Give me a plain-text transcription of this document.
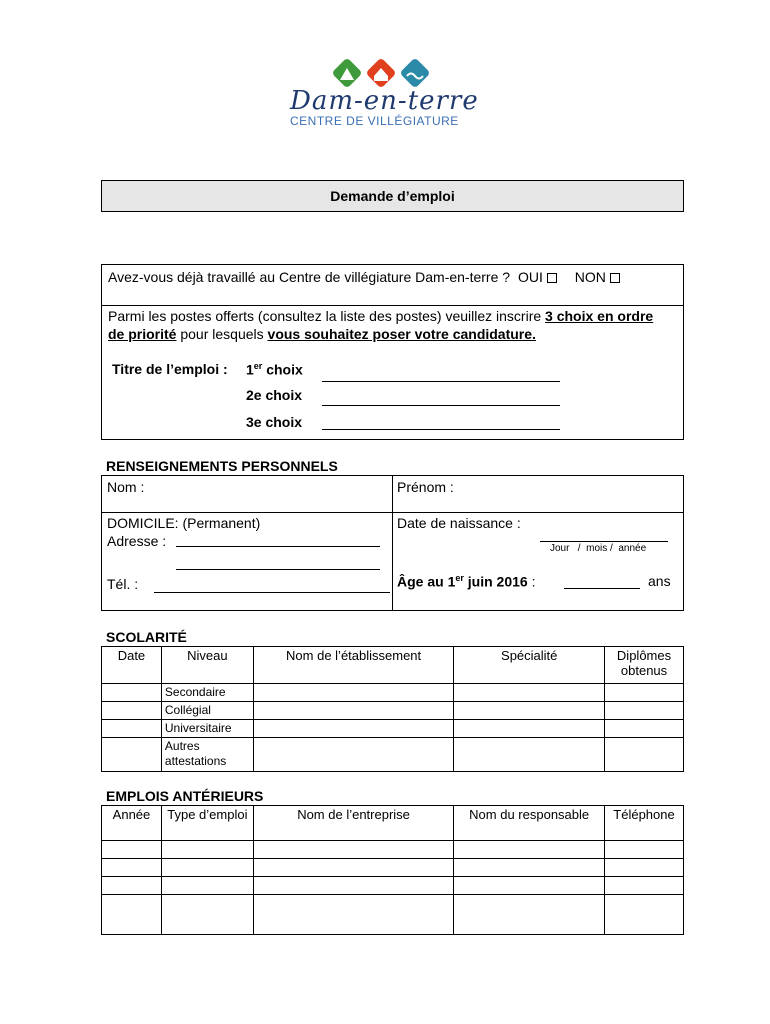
Dam-en-terre
CENTRE DE VILLÉGIATURE
Demande d’emploi
Avez-vous déjà travaillé au Centre de villégiature Dam-en-terre ? OUI NON
Parmi les postes offerts (consultez la liste des postes) veuillez inscrire 3 choix en ordre de priorité pour lesquels vous souhaitez poser votre candidature.
Titre de l’emploi : 1er choix
2e choix
3e choix
RENSEIGNEMENTS PERSONNELS
Nom :	Prénom :
DOMICILE: (Permanent)
Adresse :
Tél. :
Date de naissance :
Jour   /  mois /  année
Âge au 1er juin 2016 :	ans
SCOLARITÉ
Date	Niveau	Nom de l’établissement	Spécialité	Diplômes obtenus
	Secondaire			
	Collégial			
	Universitaire			
	Autres attestations			
EMPLOIS ANTÉRIEURS
Année	Type d’emploi	Nom de l’entreprise	Nom du responsable	Téléphone
